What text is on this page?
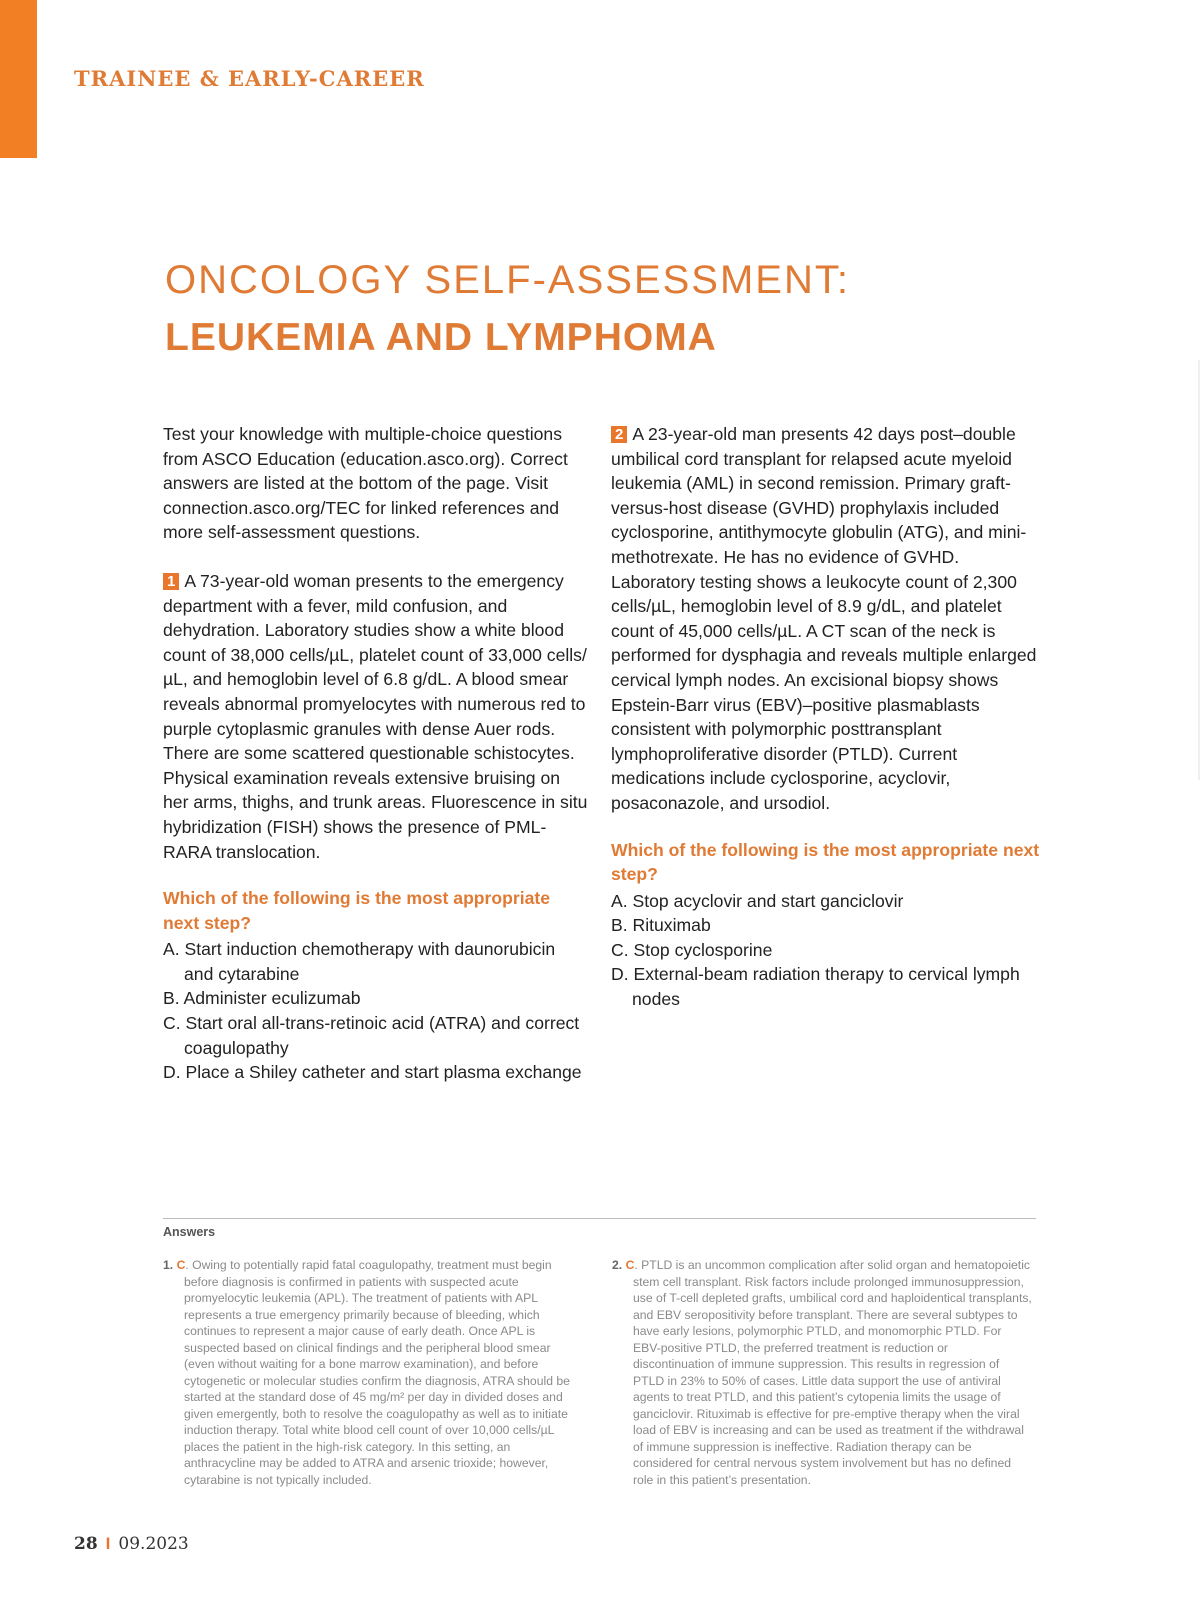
TRAINEE & EARLY-CAREER
ONCOLOGY SELF-ASSESSMENT:
LEUKEMIA AND LYMPHOMA

Test your knowledge with multiple-choice questions from ASCO Education (education.asco.org). Correct answers are listed at the bottom of the page. Visit connection.asco.org/TEC for linked references and more self-assessment questions.

1 A 73-year-old woman presents to the emergency department with a fever, mild confusion, and dehydration. Laboratory studies show a white blood count of 38,000 cells/µL, platelet count of 33,000 cells/µL, and hemoglobin level of 6.8 g/dL. A blood smear reveals abnormal promyelocytes with numerous red to purple cytoplasmic granules with dense Auer rods. There are some scattered questionable schistocytes. Physical examination reveals extensive bruising on her arms, thighs, and trunk areas. Fluorescence in situ hybridization (FISH) shows the presence of PML-RARA translocation.

Which of the following is the most appropriate next step?

A. Start induction chemotherapy with daunorubicin and cytarabine
B. Administer eculizumab
C. Start oral all-trans-retinoic acid (ATRA) and correct coagulopathy
D. Place a Shiley catheter and start plasma exchange

2 A 23-year-old man presents 42 days post–double umbilical cord transplant for relapsed acute myeloid leukemia (AML) in second remission. Primary graft-versus-host disease (GVHD) prophylaxis included cyclosporine, antithymocyte globulin (ATG), and mini-methotrexate. He has no evidence of GVHD. Laboratory testing shows a leukocyte count of 2,300 cells/µL, hemoglobin level of 8.9 g/dL, and platelet count of 45,000 cells/µL. A CT scan of the neck is performed for dysphagia and reveals multiple enlarged cervical lymph nodes. An excisional biopsy shows Epstein-Barr virus (EBV)–positive plasmablasts consistent with polymorphic posttransplant lymphoproliferative disorder (PTLD). Current medications include cyclosporine, acyclovir, posaconazole, and ursodiol.

Which of the following is the most appropriate next step?

A. Stop acyclovir and start ganciclovir
B. Rituximab
C. Stop cyclosporine
D. External-beam radiation therapy to cervical lymph nodes
Answers

1. C. Owing to potentially rapid fatal coagulopathy, treatment must begin before diagnosis is confirmed in patients with suspected acute promyelocytic leukemia (APL). The treatment of patients with APL represents a true emergency primarily because of bleeding, which continues to represent a major cause of early death. Once APL is suspected based on clinical findings and the peripheral blood smear (even without waiting for a bone marrow examination), and before cytogenetic or molecular studies confirm the diagnosis, ATRA should be started at the standard dose of 45 mg/m² per day in divided doses and given emergently, both to resolve the coagulopathy as well as to initiate induction therapy. Total white blood cell count of over 10,000 cells/µL places the patient in the high-risk category. In this setting, an anthracycline may be added to ATRA and arsenic trioxide; however, cytarabine is not typically included.

2. C. PTLD is an uncommon complication after solid organ and hematopoietic stem cell transplant. Risk factors include prolonged immunosuppression, use of T-cell depleted grafts, umbilical cord and haploidentical transplants, and EBV seropositivity before transplant. There are several subtypes to have early lesions, polymorphic PTLD, and monomorphic PTLD. For EBV-positive PTLD, the preferred treatment is reduction or discontinuation of immune suppression. This results in regression of PTLD in 23% to 50% of cases. Little data support the use of antiviral agents to treat PTLD, and this patient’s cytopenia limits the usage of ganciclovir. Rituximab is effective for pre-emptive therapy when the viral load of EBV is increasing and can be used as treatment if the withdrawal of immune suppression is ineffective. Radiation therapy can be considered for central nervous system involvement but has no defined role in this patient’s presentation.

28 I 09.2023
